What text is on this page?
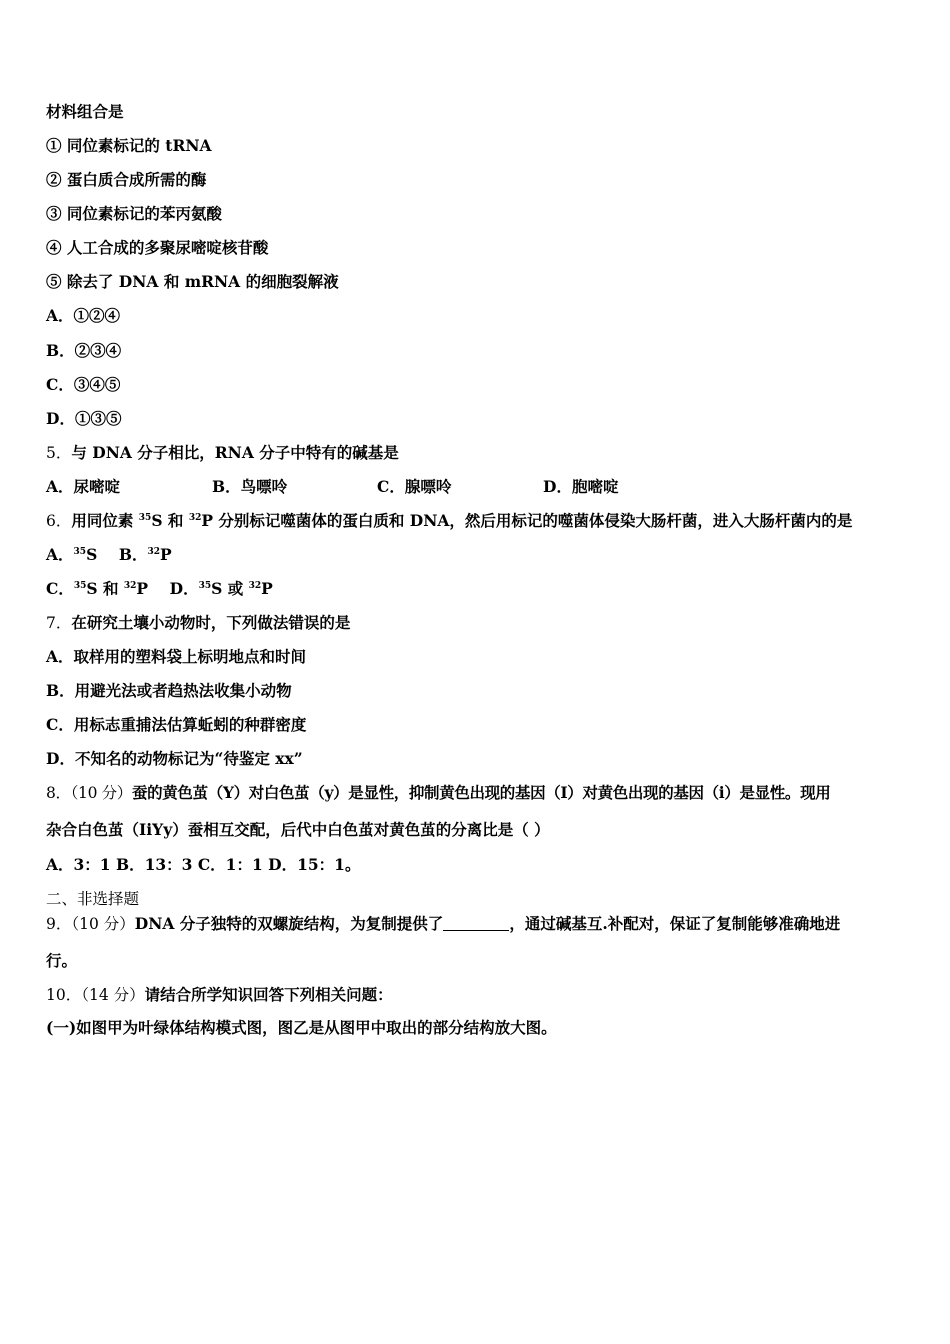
材料组合是
① 同位素标记的 tRNA
② 蛋白质合成所需的酶
③ 同位素标记的苯丙氨酸
④ 人工合成的多聚尿嘧啶核苷酸
⑤ 除去了 DNA 和 mRNA 的细胞裂解液
A．①②④
B．②③④
C．③④⑤
D．①③⑤
5．与 DNA 分子相比，RNA 分子中特有的碱基是
A．尿嘧啶	B．鸟嘌呤	C．腺嘌呤	D．胞嘧啶
6．用同位素 $^{35}$S 和 $^{32}$P 分别标记噬菌体的蛋白质和 DNA，然后用标记的噬菌体侵染大肠杆菌，进入大肠杆菌内的是
A．$^{35}$S B．$^{32}$P
C．$^{35}$S 和 $^{32}$P D．$^{35}$S 或 $^{32}$P
7．在研究土壤小动物时，下列做法错误的是
A．取样用的塑料袋上标明地点和时间
B．用避光法或者趋热法收集小动物
C．用标志重捕法估算蚯蚓的种群密度
D．不知名的动物标记为“待鉴定 xx”
8．（10 分）蚕的黄色茧（Y）对白色茧（y）是显性，抑制黄色出现的基因（I）对黄色出现的基因（i）是显性。现用
杂合白色茧（IiYy）蚕相互交配，后代中白色茧对黄色茧的分离比是（ ）
A．3：1 B．13：3 C．1：1 D．15：1。
二、非选择题
9．（10 分）DNA 分子独特的双螺旋结构，为复制提供了	，通过碱基互.补配对，保证了复制能够准确地进
行。
10．（14 分）请结合所学知识回答下列相关问题：
(一)如图甲为叶绿体结构模式图，图乙是从图甲中取出的部分结构放大图。
